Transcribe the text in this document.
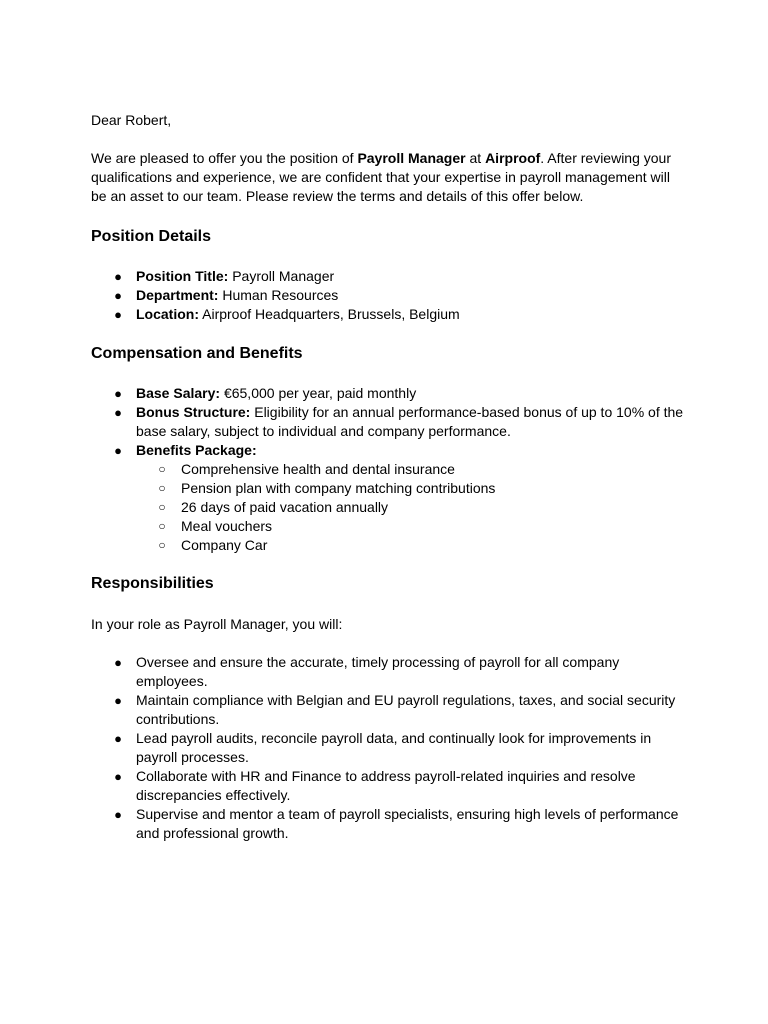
Dear Robert,

We are pleased to offer you the position of Payroll Manager at Airproof. After reviewing your qualifications and experience, we are confident that your expertise in payroll management will be an asset to our team. Please review the terms and details of this offer below.

Position Details
● Position Title: Payroll Manager
● Department: Human Resources
● Location: Airproof Headquarters, Brussels, Belgium
Compensation and Benefits
● Base Salary: €65,000 per year, paid monthly
● Bonus Structure: Eligibility for an annual performance-based bonus of up to 10% of the base salary, subject to individual and company performance.
● Benefits Package:
○ Comprehensive health and dental insurance
○ Pension plan with company matching contributions
○ 26 days of paid vacation annually
○ Meal vouchers
○ Company Car
Responsibilities

In your role as Payroll Manager, you will:

● Oversee and ensure the accurate, timely processing of payroll for all company employees.
● Maintain compliance with Belgian and EU payroll regulations, taxes, and social security contributions.
● Lead payroll audits, reconcile payroll data, and continually look for improvements in payroll processes.
● Collaborate with HR and Finance to address payroll-related inquiries and resolve discrepancies effectively.
● Supervise and mentor a team of payroll specialists, ensuring high levels of performance and professional growth.
